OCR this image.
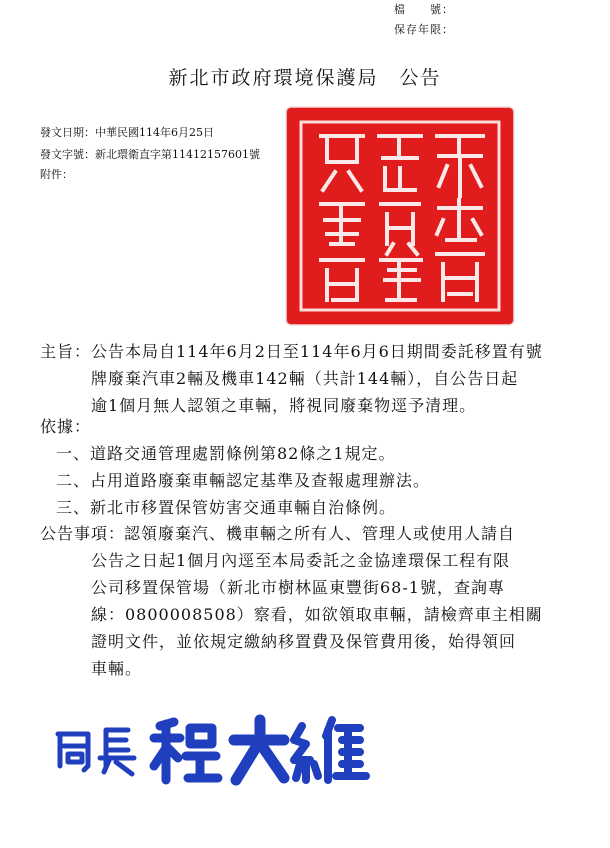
檔　　號：
保存年限：
新北市政府環境保護局　公告
發文日期：中華民國114年6月25日
發文字號：新北環衛直字第11412157601號
附件：
主旨： 公告本局自114年6月2日至114年6月6日期間委託移置有號
牌廢棄汽車2輛及機車142輛（共計144輛），自公告日起
逾1個月無人認領之車輛，將視同廢棄物逕予清理。
依據：
一、道路交通管理處罰條例第82條之1規定。
二、占用道路廢棄車輛認定基準及查報處理辦法。
三、新北市移置保管妨害交通車輛自治條例。
公告事項：
認領廢棄汽、機車輛之所有人、管理人或使用人請自
公告之日起1個月內逕至本局委託之金協達環保工程有限
公司移置保管場（新北市樹林區東豐街68-1號，查詢專
線：0800008508）察看，如欲領取車輛，請檢齊車主相關
證明文件，並依規定繳納移置費及保管費用後，始得領回
車輛。
